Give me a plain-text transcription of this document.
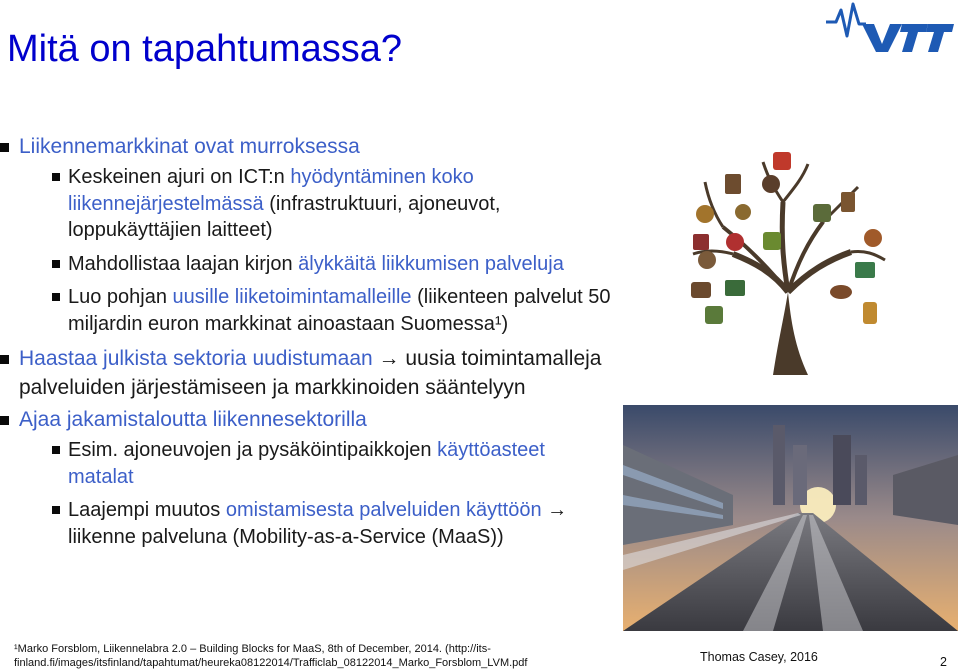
Mitä on tapahtumassa?
Liikennemarkkinat ovat murroksessa
Keskeinen ajuri on ICT:n hyödyntäminen koko liikennejärjestelmässä (infrastruktuuri, ajoneuvot, loppukäyttäjien laitteet)
Mahdollistaa laajan kirjon älykkäitä liikkumisen palveluja
Luo pohjan uusille liiketoimintamalleille (liikenteen palvelut 50 miljardin euron markkinat ainoastaan Suomessa¹)
Haastaa julkista sektoria uudistumaan → uusia toimintamalleja palveluiden järjestämiseen ja markkinoiden sääntelyyn
Ajaa jakamistaloutta liikennesektorilla
Esim. ajoneuvojen ja pysäköintipaikkojen käyttöasteet matalat
Laajempi muutos omistamisesta palveluiden käyttöön → liikenne palveluna (Mobility-as-a-Service (MaaS))
¹Marko Forsblom, Liikennelabra 2.0 – Building Blocks for MaaS, 8th of December, 2014. (http://its-finland.fi/images/itsfinland/tapahtumat/heureka08122014/Trafficlab_08122014_Marko_Forsblom_LVM.pdf	Thomas Casey, 2016	2
